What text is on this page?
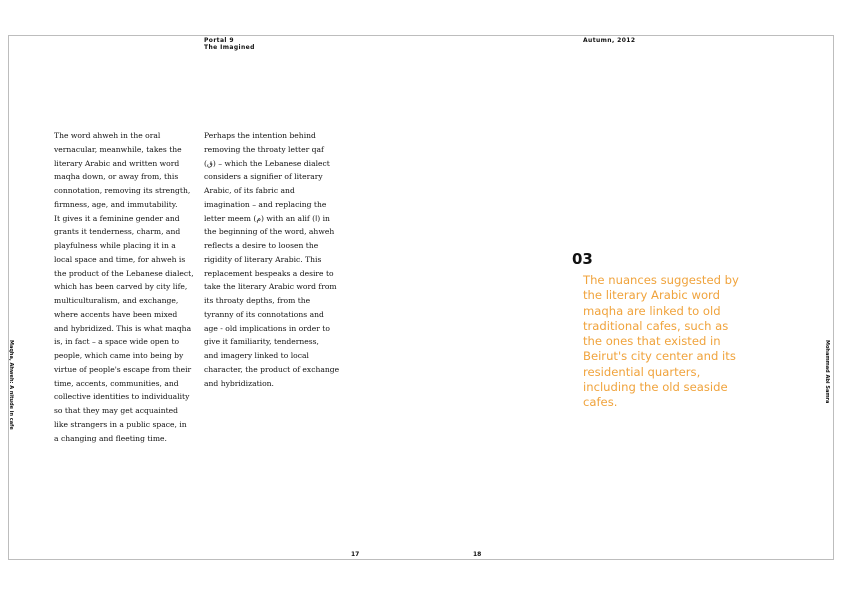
Portal 9
The Imagined
Autumn, 2012
The word ahweh in the oral
vernacular, meanwhile, takes the
literary Arabic and written word
maqha down, or away from, this
connotation, removing its strength,
firmness, age, and immutability.
It gives it a feminine gender and
grants it tenderness, charm, and
playfulness while placing it in a
local space and time, for ahweh is
the product of the Lebanese dialect,
which has been carved by city life,
multiculturalism, and exchange,
where accents have been mixed
and hybridized. This is what maqha
is, in fact – a space wide open to
people, which came into being by
virtue of people's escape from their
time, accents, communities, and
collective identities to individuality
so that they may get acquainted
like strangers in a public space, in
a changing and fleeting time.
Perhaps the intention behind
removing the throaty letter qaf
(ق) – which the Lebanese dialect
considers a signifier of literary
Arabic, of its fabric and
imagination – and replacing the
letter meem (م) with an alif (ا) in
the beginning of the word, ahweh
reflects a desire to loosen the
rigidity of literary Arabic. This
replacement bespeaks a desire to
take the literary Arabic word from
its throaty depths, from the
tyranny of its connotations and
age - old implications in order to
give it familiarity, tenderness,
and imagery linked to local
character, the product of exchange
and hybridization.
03

The nuances suggested by the literary Arabic word maqha are linked to old traditional cafes, such as the ones that existed in Beirut's city center and its residential quarters, including the old seaside cafes.

17	18
Maqha, Ahweh: A nitude in cafe	Mohammad Abi Samra
